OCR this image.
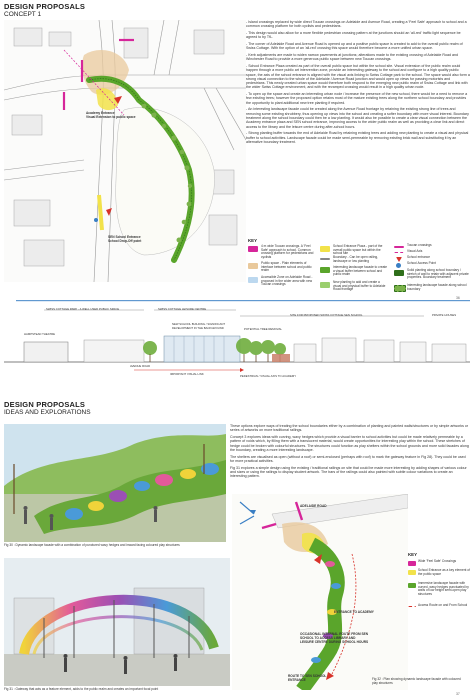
DESIGN PROPOSALS
CONCEPT 1
Academy Entrance
Visual Extension to public space
SEN School Entrance
School Drop-Off point

- Island crossings replaced by wide direct Toucan crossings on Adelaide and Avenue Road, creating a 'Feel Safe' approach to school and a common crossing platform for both cyclists and pedestrians.

- This design would also allow for a more flexible pedestrian crossing pattern at the junctions should an 'all-red' traffic light sequence be agreed to by TfL.

- The corner of Adelaide Road and Avenue Road is opened up and a positive public space is created to add to the overall public realm of Swiss Cottage. With the option of an 'all-red' crossing this space would therefore become a more unified urban space.

- Kerb adjustments are made to widen narrow pavements at junctions; alterations made to the existing crossing of Adelaide Road and Winchester Road to provide a more generous public space between new Toucan crossings.

- School Entrance Plaza created as part of the overall public space but within the school site. Visual extension of the public realm could happen through a more public art intervention zone, provide an interesting gateway to the school and configure to a high quality public space, the axis of the school entrance is aligned with the visual axis linking to Swiss Cottage park to the school. The space would also form a strong visual connection to the whole of the Adelaide / Avenue Road junction and would open up views for passing motorists and pedestrians. This newly created urban space would therefore both respond to the emerging new public realm of Swiss Cottage and link with the wider Swiss Cottage environment, and with the revamped crossing would result in a high quality urban node.

- To open up the space and create an interesting urban node / increase the presence of the new school, there would be a need to remove a few existing trees; however the proposed option retains most of the mature existing trees along the northern school boundary and provides the opportunity to plant additional new tree planting if required.

- An interesting landscape facade could be created along the Avenue Road frontage by retaining the existing strong line of trees and removing some existing shrubbery, thus opening up views into the school and creating a softer boundary with more visual interest. Boundary treatment along the school boundary could then be a low planting. It would also be possible to create a clear visual connection between the Academy entrance plaza and SEN school entrance, improving access to the wider public realm as well as providing a clear link and direct access to the library and the leisure centre during after-school hours.

- Strong planting buffer towards the end of Adelaide Road by retaining existing trees and adding new planting to create a visual and physical buffer to school activities. Landscape facade could be made semi-permeable by removing existing brick wall and substituting it by an alternative boundary treatment.

KEY
4 m wide Toucan crossings. A 'Feel Safe' approach to school. Common crossing platform for pedestrians and cyclists
Public space - Plain elements of interface between school and public realm
Accessible Zone on Adelaide Road - proposed in the wider area with new Toucan crossings
School Entrance Plaza - part of the overall public space but within the school site
Boundary - Can be open railing, landscape or low planting
Interesting landscape facade to create a visual buffer between school and public realm
New planting to add and create a visual and physical buffer to Adelaide Road frontage
Toucan crossings
Visual Axis
School entrance
School Access Point
Solid planting along school boundary / stretch of wall to retain with adjacent private properties. Boundary treatment
Interesting landscape facade along school boundary
36
SWISS COTTAGE PARK - A WELL USED PUBLIC SPACE	SWISS COTTAGE LEISURE CENTRE
SITE FOR PROPOSED SWISS COTTAGE SEN SCHOOL	PRIVATE HOUSES
HAMPSTEAD THEATRE
AVENUE ROAD
POTENTIAL TREE REMOVAL
NEW SCHOOL BUILDING / SIGNIFICANT DEVELOPMENT IN THE BACKGROUND
IMPORTANT VISUAL LINK	PEDESTRIAN / VISUAL AXIS TO ACADEMY
DESIGN PROPOSALS
IDEAS AND EXPLORATIONS
Fig 30 : Dynamic landscape facade with a combination of punctured wavy hedges and inward facing coloured play structures
Fig 31 : Gateway that acts as a feature element, adds to the public realm and creates an important focal point

These options explore ways of treating the school boundaries either by a combination of planting and painted walls/structures or by simple artworks or series of artworks on more traditional railings.

Concept 3 explores ideas with curving, wavy hedges which provide a visual barrier to school activities but could be made relatively permeable by a pattern of voids which, by filling them with a translucent material, would create opportunities for interesting play within the school. These stretches of hedge could be broken with colourful structures. The structures could function as play shelters within the school grounds and more solid facades along the boundary, creating a more interesting landscape.

The shelters are visualised as open (without a roof) or semi-enclosed (perhaps with roof) to mark the gateway feature in Fig 28). They could be used for more practical activities.

Fig 31 explores a simple design using the existing / traditional railings on site that could be made more interesting by adding shapes of various colour and sizes or using the railings to display student artwork. The bars of the railings could also painted with subtle colour variations to create an interesting pattern.

ADELAIDE ROAD
ENTRANCE TO ACADEMY
OCCASIONAL INTERNAL ROUTE FROM SEN SCHOOL TO ACCESS LIBRARY AND LEISURE CENTRE DURING SCHOOL HOURS
ROUTE TO SEN SCHOOL ENTRANCE	Fig 32 : Plan showing dynamic landscape facade with coloured play structures
KEY
Wide 'Feel Safe' Crossings
School Entrance as a key element of the public space
Immersive landscape facade with curved, wavy hedges punctuated by walls of low height semi-open play structures
Access Route on and From School
37
